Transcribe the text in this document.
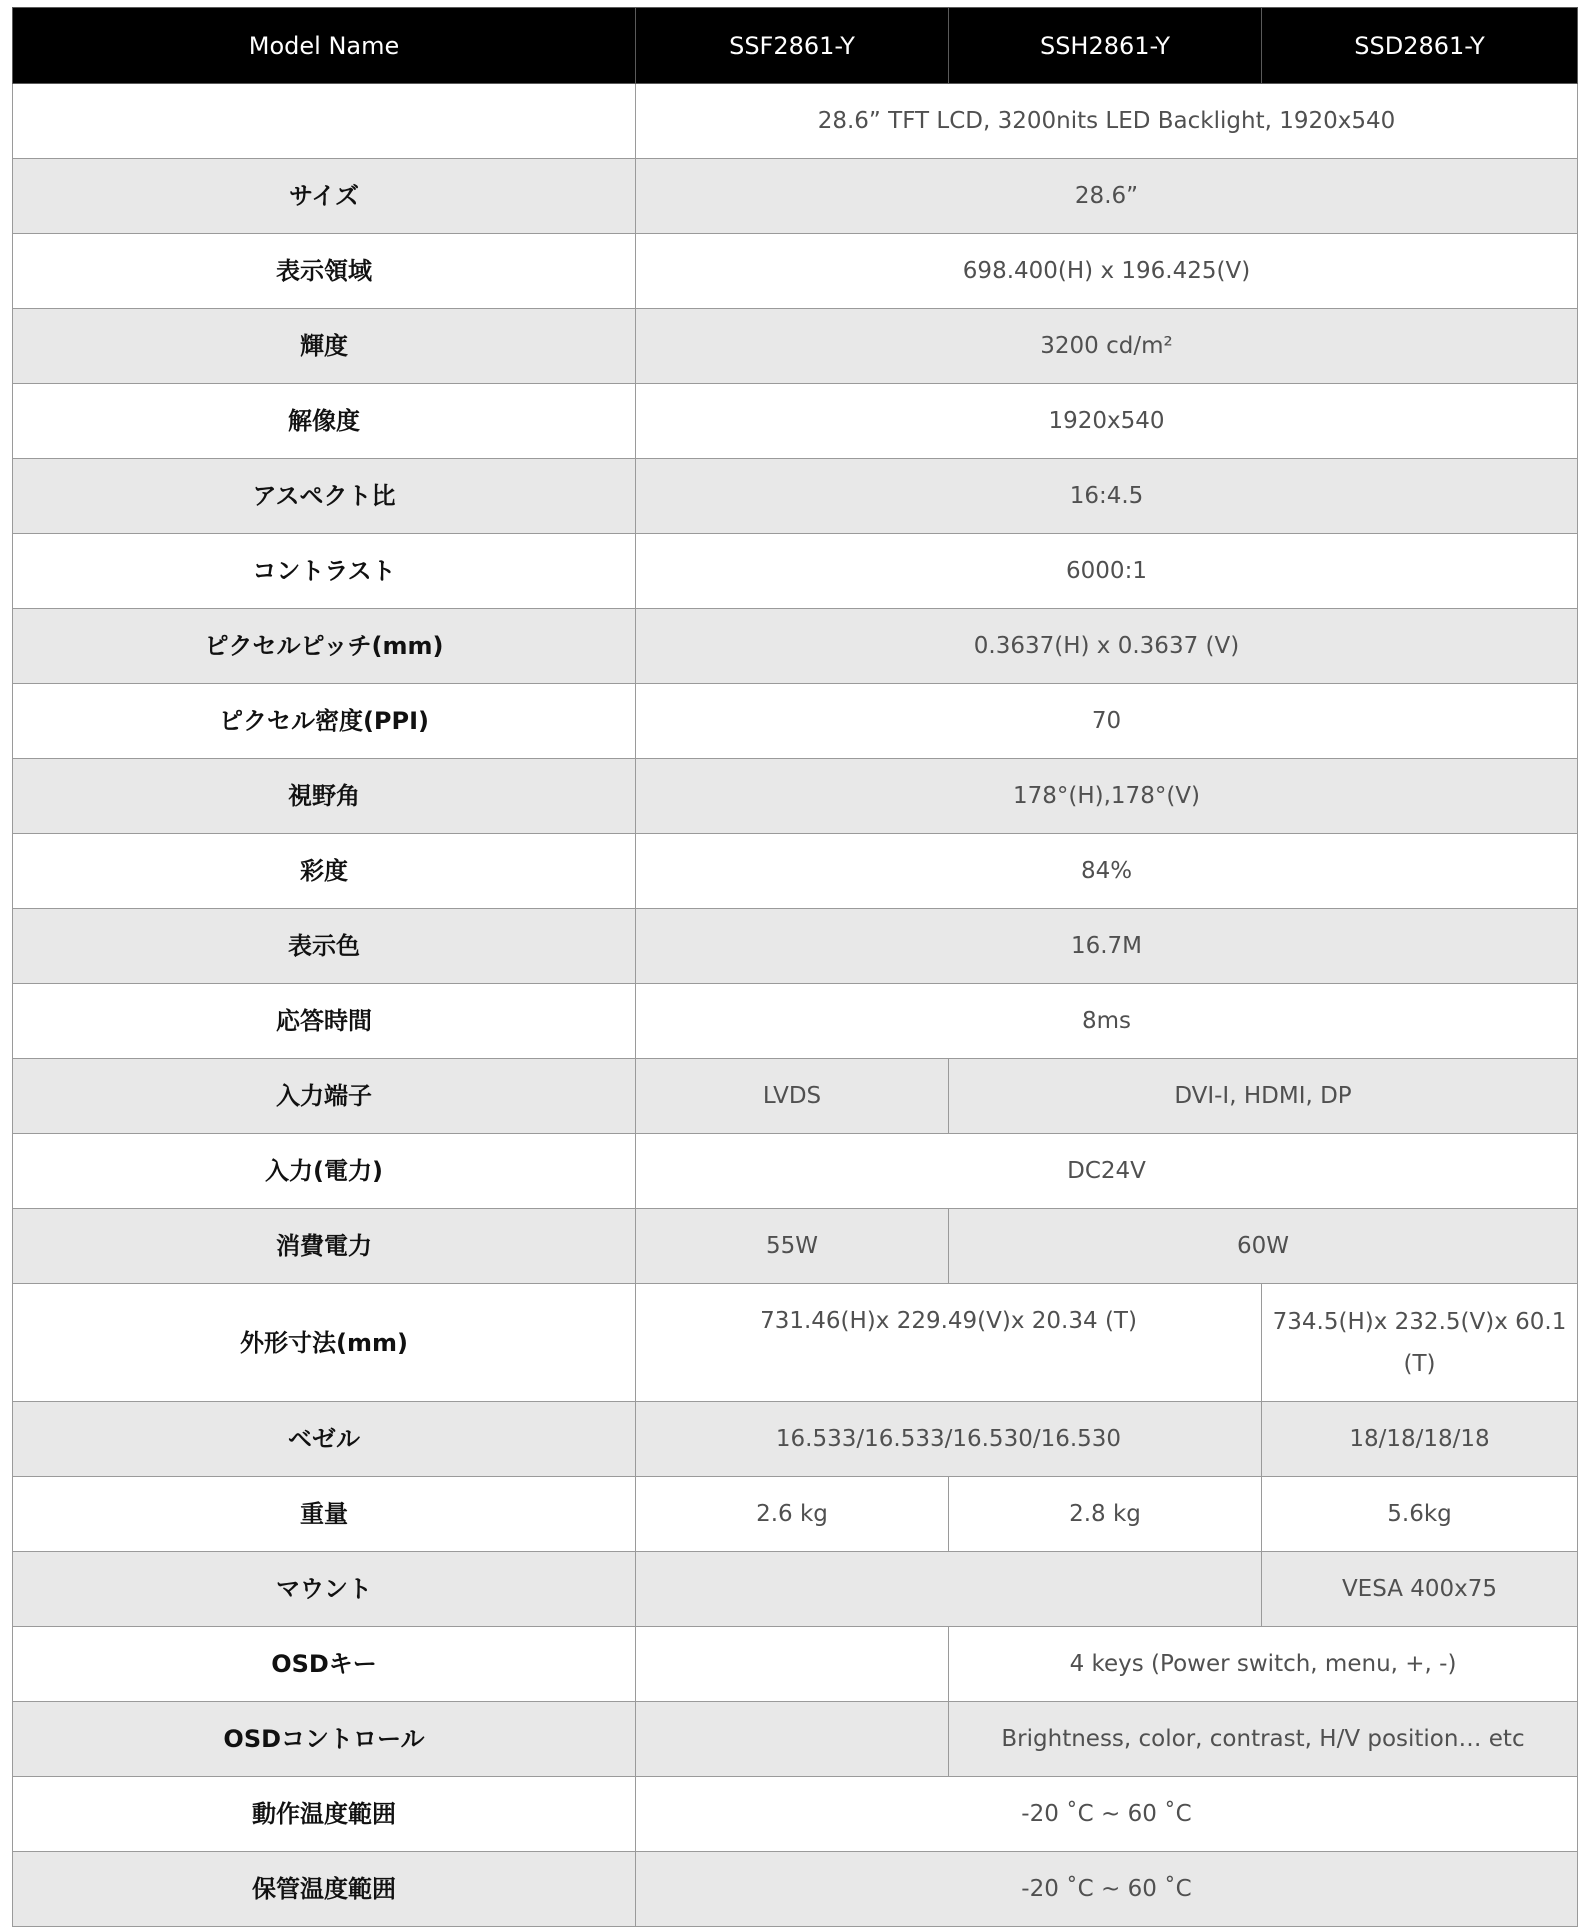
Model Name	SSF2861-Y	SSH2861-Y	SSD2861-Y
	28.6” TFT LCD, 3200nits LED Backlight, 1920x540		
サイズ	28.6”		
表示領域	698.400(H) x 196.425(V)		
輝度	3200 cd/m²		
解像度	1920x540		
アスペクト比	16:4.5		
コントラスト	6000:1		
ピクセルピッチ(mm)	0.3637(H) x 0.3637 (V)		
ピクセル密度(PPI)	70		
視野角	178°(H),178°(V)		
彩度	84%		
表示色	16.7M		
応答時間	8ms		
入力端子	LVDS	DVI-I, HDMI, DP	
入力(電力)	DC24V		
消費電力	55W	60W	
外形寸法(mm)	731.46(H)x 229.49(V)x 20.34 (T)		734.5(H)x 232.5(V)x 60.1 (T)
ベゼル	16.533/16.533/16.530/16.530		18/18/18/18
重量	2.6 kg	2.8 kg	5.6kg
マウント			VESA 400x75
OSDキー		4 keys (Power switch, menu, +, -)	
OSDコントロール		Brightness, color, contrast, H/V position… etc	
動作温度範囲	-20 ˚C ~ 60 ˚C		
保管温度範囲	-20 ˚C ~ 60 ˚C		
